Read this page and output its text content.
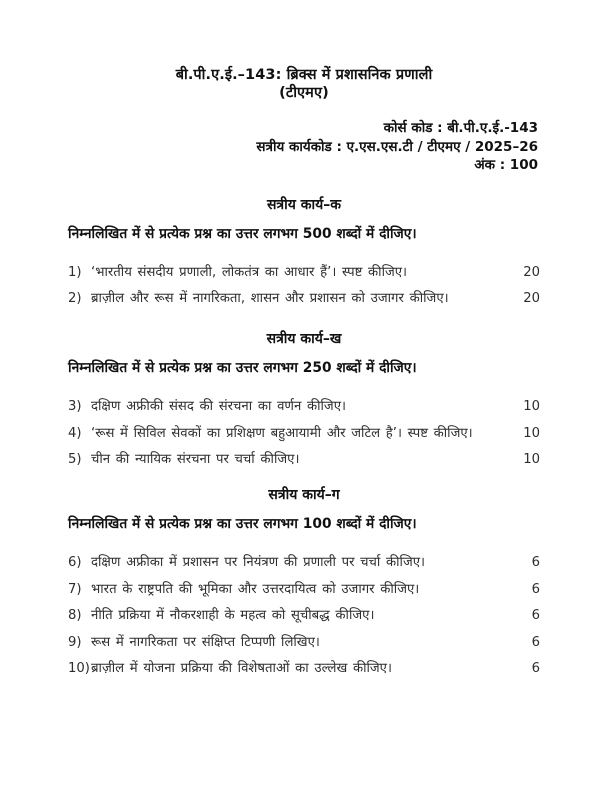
बी.पी.ए.ई.–143: ब्रिक्स में प्रशासनिक प्रणाली
(टीएमए)
कोर्स कोड : बी.पी.ए.ई.-143
सत्रीय कार्यकोड : ए.एस.एस.टी / टीएमए / 2025–26
अंक : 100
सत्रीय कार्य–क
निम्नलिखित में से प्रत्येक प्रश्न का उत्तर लगभग 500 शब्दों में दीजिए।
1) ‘भारतीय संसदीय प्रणाली, लोकतंत्र का आधार हैं’। स्पष्ट कीजिए।	20
2) ब्राज़ील और रूस में नागरिकता, शासन और प्रशासन को उजागर कीजिए।	20
सत्रीय कार्य–ख
निम्नलिखित में से प्रत्येक प्रश्न का उत्तर लगभग 250 शब्दों में दीजिए।
3) दक्षिण अफ्रीकी संसद की संरचना का वर्णन कीजिए।	10
4) ‘रूस में सिविल सेवकों का प्रशिक्षण बहुआयामी और जटिल है’। स्पष्ट कीजिए।	10
5) चीन की न्यायिक संरचना पर चर्चा कीजिए।	10
सत्रीय कार्य–ग
निम्नलिखित में से प्रत्येक प्रश्न का उत्तर लगभग 100 शब्दों में दीजिए।
6) दक्षिण अफ्रीका में प्रशासन पर नियंत्रण की प्रणाली पर चर्चा कीजिए।	6
7) भारत के राष्ट्रपति की भूमिका और उत्तरदायित्व को उजागर कीजिए।	6
8) नीति प्रक्रिया में नौकरशाही के महत्व को सूचीबद्ध कीजिए।	6
9) रूस में नागरिकता पर संक्षिप्त टिप्पणी लिखिए।	6
10) ब्राज़ील में योजना प्रक्रिया की विशेषताओं का उल्लेख कीजिए।	6
